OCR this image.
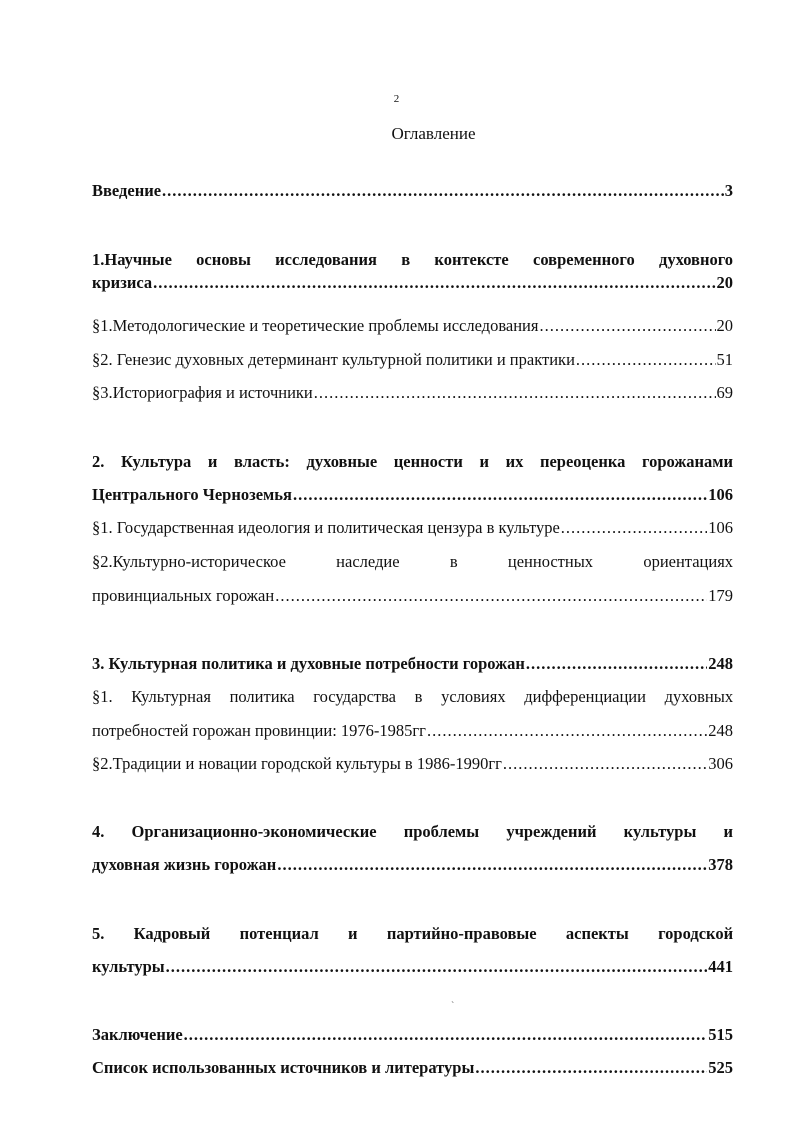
2
Оглавление
Введение .....	3
1.Научные основы исследования в контексте современного духовного
кризиса .....	20
§1.Методологические и теоретические проблемы исследования .....	20
§2. Генезис духовных детерминант культурной политики и практики .....	51
§3.Историография и источники .....	69
2. Культура и власть: духовные ценности и их переоценка горожанами
Центрального Черноземья .....	106
§1. Государственная идеология и политическая цензура в культуре .....	106
§2.Культурно-историческое	наследие	в	ценностных	ориентациях
провинциальных горожан .....	179
3. Культурная политика и духовные потребности горожан .....	248
§1. Культурная политика государства в условиях дифференциации духовных
потребностей горожан провинции: 1976-1985гг .....	248
§2.Традиции и новации городской культуры в 1986-1990гг .....	306
4. Организационно-экономические проблемы учреждений культуры и
духовная жизнь горожан .....	378
5. Кадровый потенциал и партийно-правовые аспекты городской
культуры .....	441
`
Заключение .....	515
Список использованных источников и литературы .....	525
